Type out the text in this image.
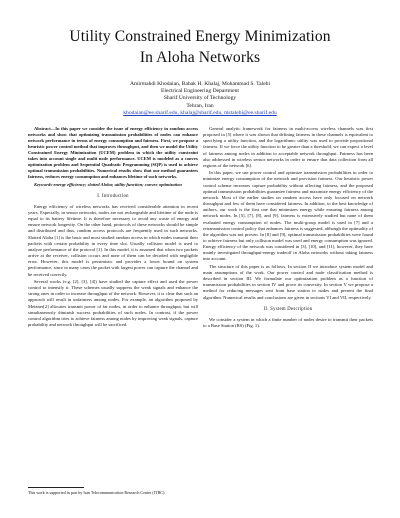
Utility Constrained Energy Minimization
In Aloha Networks
Amirmahdi Khodaian, Babak H. Khalaj, Mohammad S. Talebi
Electrical Engineering Department
Sharif University of Technology
Tehran, Iran
khodaian@ee.sharif.edu, khalaj@sharif.edu, mstalebi@ee.sharif.edu

Abstract—In this paper we consider the issue of energy efficiency in random access networks and show that optimizing transmission probabilities of nodes can enhance network performance in terms of energy consumption and fairness. First, we propose a heuristic power control method that improves throughput, and then we model the Utility Constrained Energy Minimization (UCEM) problem in which the utility constraint takes into account single and multi node performance. UCEM is modeled as a convex optimization problem and Sequential Quadratic Programming (SQP) is used to achieve optimal transmission probabilities. Numerical results show that our method guarantees fairness, reduces energy consumption and enhances lifetime of such networks.

Keywords-energy efficiency; slotted Aloha; utility function; convex optimization

I. Introduction

Energy efficiency of wireless networks has received considerable attention in recent years. Especially, in sensor networks, nodes are not rechargeable and lifetime of the node is equal to its battery lifetime. It is therefore necessary to avoid any waste of energy and ensure network longevity. On the other hand, protocols of these networks should be simple and distributed and thus, random access protocols are frequently used in such networks. Slotted Aloha [1] is the basic and most studied random access in which nodes transmit their packets with certain probability in every time slot. Usually collision model is used to analyze performance of the protocol [1]. In this model, it is assumed that when two packets arrive at the receiver, collision occurs and none of them can be decoded with negligible error. However, this model is pessimistic and provides a lower bound on system performance, since in many cases the packet with largest power can capture the channel and be received correctly.

Several works (e.g. [2], [3], [4]) have studied the capture effect and used the power control to intensify it. These schemes usually suppress the weak signals and enhance the strong ones in order to increase throughput of the network. However, it is clear that such an approach will result in unfairness among nodes. For example, an algorithm proposed by Metzner[2] allocates transmit power of far nodes, in order to enhance throughput, but will simultaneously diminish success probabilities of such nodes. In contrast, if the power control algorithm tries to achieve fairness among nodes by improving weak signals, capture probability and network throughput will be sacrificed.

General analytic framework for fairness in multi-access wireless channels was first proposed in [5] where it was shown that defining fairness in these channels is equivalent to specifying a utility function, and the logarithmic utility was used to provide proportional fairness. If we force the utility function to be greater than a threshold, we can expect a level of fairness among nodes in addition to acceptable network throughput. Fairness has been also addressed in wireless sensor networks in order to ensure that data collection from all regions of the network [6].

In this paper, we use power control and optimize transmission probabilities in order to minimize energy consumption of the network and provision fairness. Our heuristic power control scheme increases capture probability without affecting fairness, and the proposed optimal transmission probabilities guarantee fairness and maximize energy efficiency of the network. Most of the earlier studies on random access have only focused on network throughput and few of them have considered fairness. In addition, to the best knowledge of authors, our work is the first one that minimizes energy while ensuring fairness among network nodes. In [5], [7], [8], and [9], fairness is extensively studied but none of them evaluated energy consumption of nodes. The multi-group model is used in [7] and a retransmission control policy that enhances fairness is suggested, although the optimality of the algorithm was not proven. In [8] and [9], optimal transmission probabilities were found to achieve fairness but only collision model was used and energy consumption was ignored. Energy efficiency of the network was considered in [3], [10], and [11], however, they have mainly investigated throughput-energy tradeoff in Aloha networks without taking fairness into account.

The structure of this paper is as follows. In section II we introduce system model and main assumptions of the work. Our power control and node classification method is described in section III. We formulate our optimization problem as a function of transmission probabilities in section IV and prove its convexity. In section V we propose a method for reducing messages sent from base station to nodes and present the final algorithm. Numerical results and conclusions are given in sections VI and VII, respectively.

II. System Description

We consider a system in which a finite number of nodes desire to transmit their packets to a Base Station (BS) (Fig. 1).

This work is supported in part by Iran Telecommunication Research Center (ITRC).
